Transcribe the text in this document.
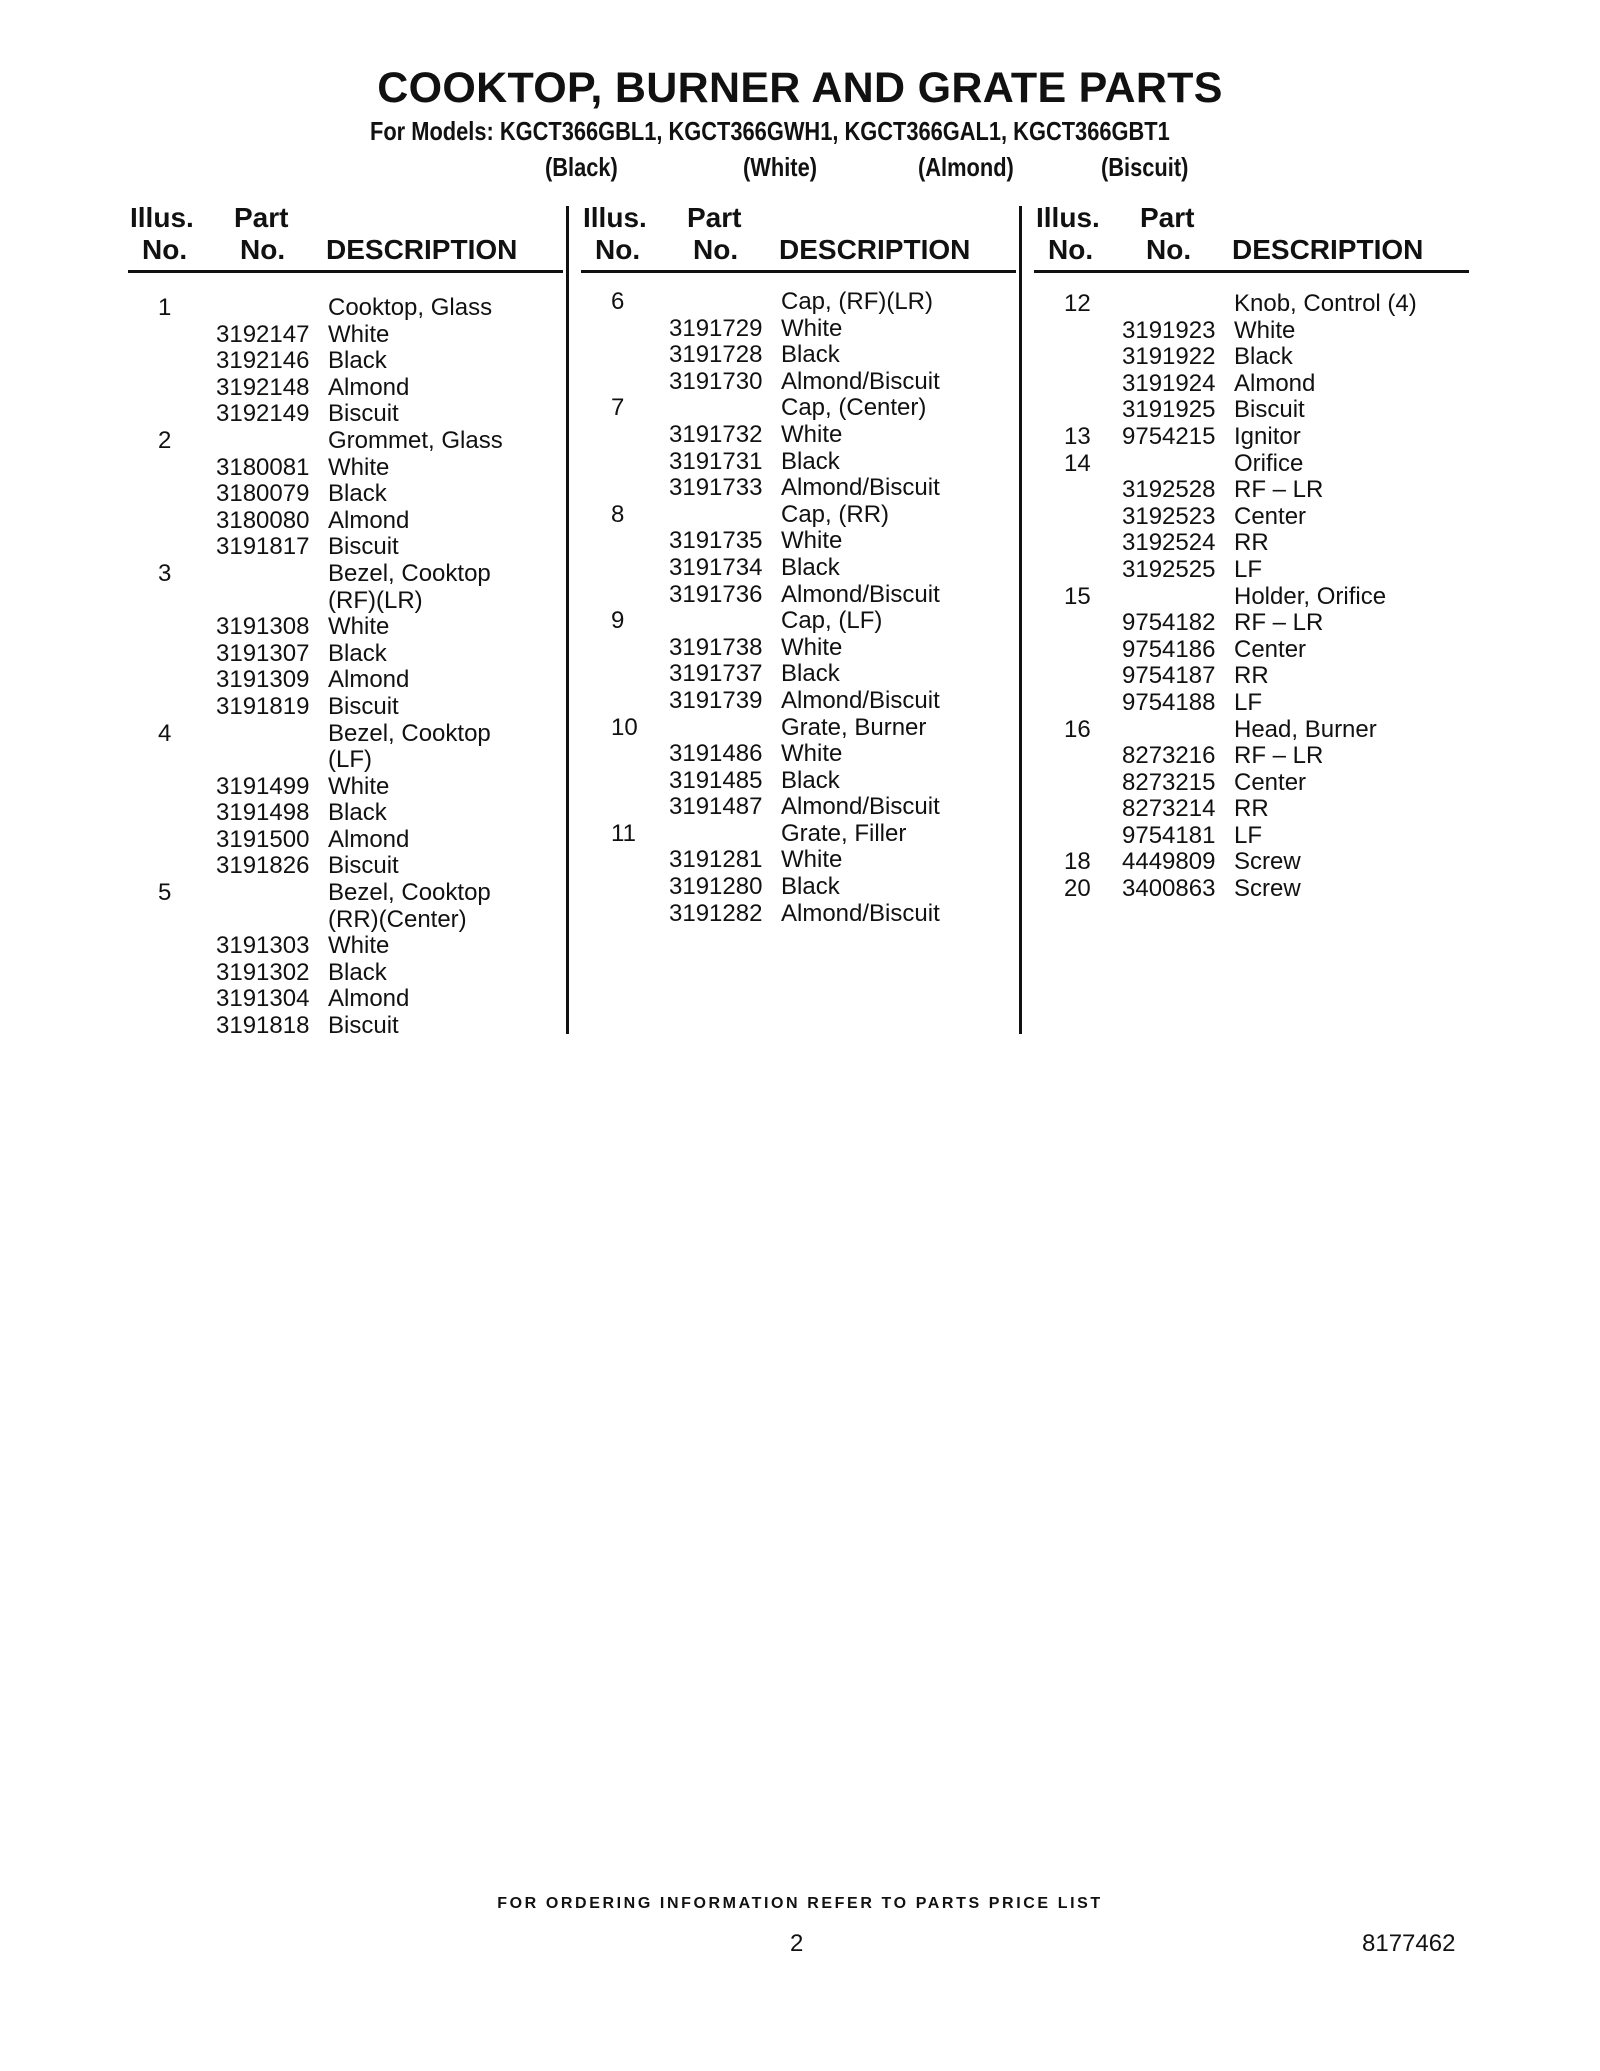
COOKTOP, BURNER AND GRATE PARTS
For Models: KGCT366GBL1, KGCT366GWH1, KGCT366GAL1, KGCT366GBT1
(Black)	(White)	(Almond)	(Biscuit)
Illus.
No.
Part
No. DESCRIPTION
1	Cooktop, Glass
3192147 White
3192146 Black
3192148 Almond
3192149 Biscuit
2	Grommet, Glass
3180081 White
3180079 Black
3180080 Almond
3191817 Biscuit
3	Bezel, Cooktop
(RF)(LR)
3191308 White
3191307 Black
3191309 Almond
3191819 Biscuit
4	Bezel, Cooktop
(LF)
3191499 White
3191498 Black
3191500 Almond
3191826 Biscuit
5	Bezel, Cooktop
(RR)(Center)
3191303 White
3191302 Black
3191304 Almond
3191818 Biscuit
Illus.
No.
Part
No. DESCRIPTION
6	Cap, (RF)(LR)
3191729 White
3191728 Black
3191730 Almond/Biscuit
7	Cap, (Center)
3191732 White
3191731 Black
3191733 Almond/Biscuit
8	Cap, (RR)
3191735 White
3191734 Black
3191736 Almond/Biscuit
9	Cap, (LF)
3191738 White
3191737 Black
3191739 Almond/Biscuit
10	Grate, Burner
3191486 White
3191485 Black
3191487 Almond/Biscuit
11	Grate, Filler
3191281 White
3191280 Black
3191282 Almond/Biscuit
Illus.
No.
Part
No. DESCRIPTION
12	Knob, Control (4)
3191923 White
3191922 Black
3191924 Almond
3191925 Biscuit
13 9754215 Ignitor
14	Orifice
3192528 RF – LR
3192523 Center
3192524 RR
3192525 LF
15	Holder, Orifice
9754182 RF – LR
9754186 Center
9754187 RR
9754188 LF
16	Head, Burner
8273216 RF – LR
8273215 Center
8273214 RR
9754181 LF
18 4449809 Screw
20 3400863 Screw
FOR ORDERING INFORMATION REFER TO PARTS PRICE LIST
2	8177462
